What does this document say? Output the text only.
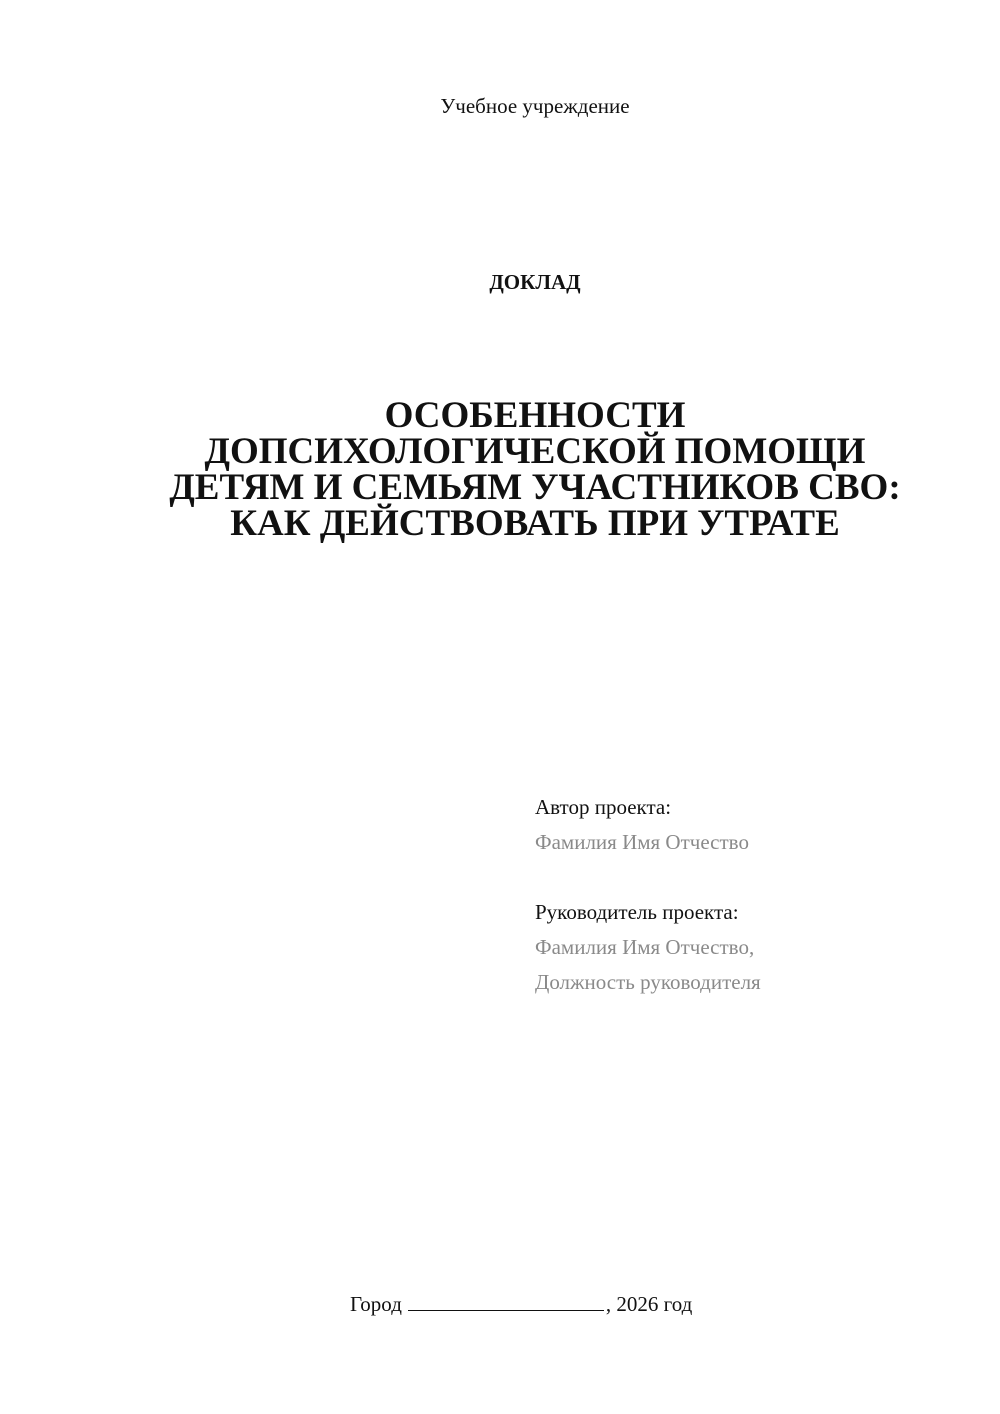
Учебное учреждение
ДОКЛАД
ОСОБЕННОСТИ
ДОПСИХОЛОГИЧЕСКОЙ ПОМОЩИ
ДЕТЯМ И СЕМЬЯМ УЧАСТНИКОВ СВО:
КАК ДЕЙСТВОВАТЬ ПРИ УТРАТЕ
Автор проекта:
Фамилия Имя Отчество
Руководитель проекта:
Фамилия Имя Отчество,
Должность руководителя
Город	, 2026 год
